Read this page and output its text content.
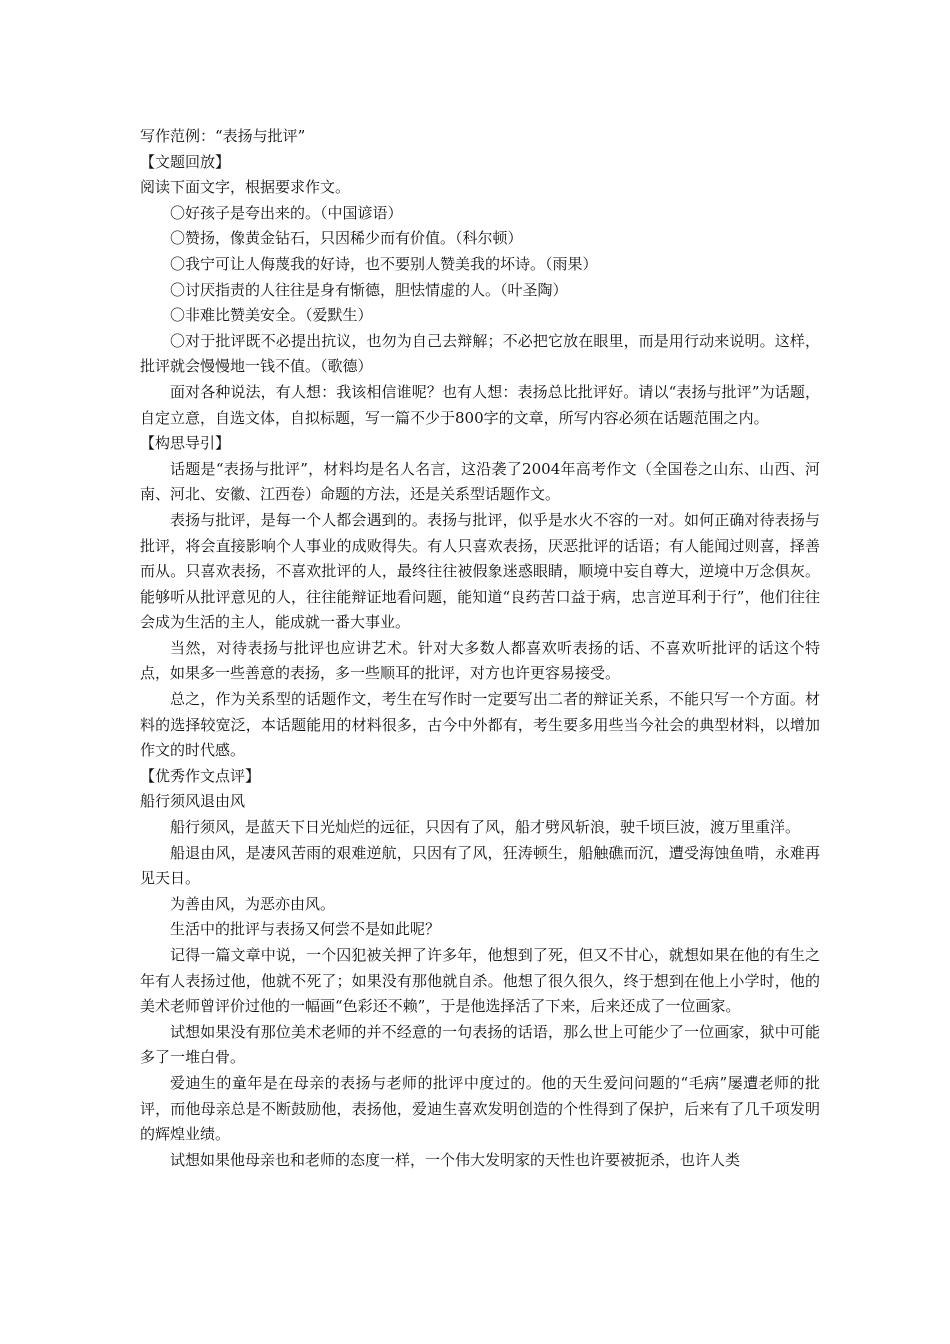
写作范例：“表扬与批评”

【文题回放】

阅读下面文字，根据要求作文。

〇好孩子是夸出来的。（中国谚语）

〇赞扬，像黄金钻石，只因稀少而有价值。（科尔顿）

〇我宁可让人侮蔑我的好诗，也不要别人赞美我的坏诗。（雨果）

〇讨厌指责的人往往是身有惭德，胆怯情虚的人。（叶圣陶）

〇非难比赞美安全。（爱默生）

〇对于批评既不必提出抗议，也勿为自己去辩解；不必把它放在眼里，而是用行动来说明。这样，批评就会慢慢地一钱不值。（歌德）

面对各种说法，有人想：我该相信谁呢？也有人想：表扬总比批评好。请以“表扬与批评”为话题，自定立意，自选文体，自拟标题，写一篇不少于800字的文章，所写内容必须在话题范围之内。

【构思导引】

话题是“表扬与批评”，材料均是名人名言，这沿袭了2004年高考作文（全国卷之山东、山西、河南、河北、安徽、江西卷）命题的方法，还是关系型话题作文。

表扬与批评，是每一个人都会遇到的。表扬与批评，似乎是水火不容的一对。如何正确对待表扬与批评，将会直接影响个人事业的成败得失。有人只喜欢表扬，厌恶批评的话语；有人能闻过则喜，择善而从。只喜欢表扬，不喜欢批评的人，最终往往被假象迷惑眼睛，顺境中妄自尊大，逆境中万念俱灰。能够听从批评意见的人，往往能辩证地看问题，能知道“良药苦口益于病，忠言逆耳利于行”，他们往往会成为生活的主人，能成就一番大事业。

当然，对待表扬与批评也应讲艺术。针对大多数人都喜欢听表扬的话、不喜欢听批评的话这个特点，如果多一些善意的表扬，多一些顺耳的批评，对方也许更容易接受。

总之，作为关系型的话题作文，考生在写作时一定要写出二者的辩证关系，不能只写一个方面。材料的选择较宽泛，本话题能用的材料很多，古今中外都有，考生要多用些当今社会的典型材料，以增加作文的时代感。

【优秀作文点评】

船行须风退由风

船行须风，是蓝天下日光灿烂的远征，只因有了风，船才劈风斩浪，驶千顷巨波，渡万里重洋。

船退由风，是凄风苦雨的艰难逆航，只因有了风，狂涛顿生，船触礁而沉，遭受海蚀鱼啃，永难再见天日。

为善由风，为恶亦由风。

生活中的批评与表扬又何尝不是如此呢？

记得一篇文章中说，一个囚犯被关押了许多年，他想到了死，但又不甘心，就想如果在他的有生之年有人表扬过他，他就不死了；如果没有那他就自杀。他想了很久很久，终于想到在他上小学时，他的美术老师曾评价过他的一幅画“色彩还不赖”，于是他选择活了下来，后来还成了一位画家。

试想如果没有那位美术老师的并不经意的一句表扬的话语，那么世上可能少了一位画家，狱中可能多了一堆白骨。

爱迪生的童年是在母亲的表扬与老师的批评中度过的。他的天生爱问问题的“毛病”屡遭老师的批评，而他母亲总是不断鼓励他，表扬他，爱迪生喜欢发明创造的个性得到了保护，后来有了几千项发明的辉煌业绩。

试想如果他母亲也和老师的态度一样，一个伟大发明家的天性也许要被扼杀，也许人类
